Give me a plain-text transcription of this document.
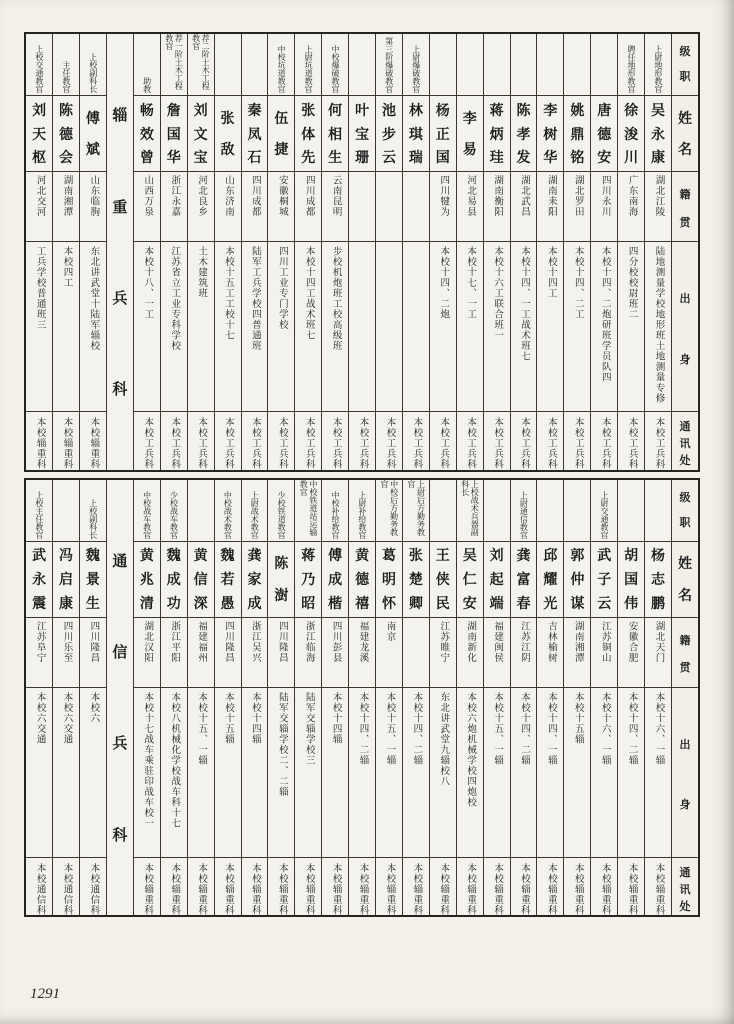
级
职
姓
名
籍
贯
出
身
通
讯
处
上尉地形教官
吴
永
康
湖北江陵
陆地测量学校地形班土地测量专修
本校工兵科
聘任地形教官
徐
浚
川
广东南海
四分校校尉班二
本校工兵科
唐
德
安
四川永川
本校十四、二炮研班学员队四
本校工兵科
姚
鼎
铭
湖北罗田
本校十四、二工
本校工兵科
李
树
华
湖南耒阳
本校十四工
本校工兵科
陈
孝
发
湖北武昌
本校十四、一工战术班七
本校工兵科
蒋
炳
珪
湖南衡阳
本校十六工联合班一
本校工兵科
李
易
河北易县
本校十七、一工
本校工兵科
杨
正
国
四川犍为
本校十四、二炮
本校工兵科
上尉爆破教官
林
琪
瑞
本校工兵科
第三阶爆破教官
池
步
云
本校工兵科
叶
宝
珊
本校工兵科
中校爆破教官
何
相
生
云南昆明
步校机炮班工校高级班
本校工兵科
上尉坑道教官
张
体
先
四川成都
本校十四工战术班七
本校工兵科
中校坑道教官
伍
捷
安徽桐城
四川工业专门学校
本校工兵科
秦
凤
石
四川成都
陆军工兵学校四普通班
本校工兵科
张
敌
山东济南
本校十五工工校十七
本校工兵科
荐二阶土木工程教官
刘
文
宝
河北良乡
土木建筑班
本校工兵科
荐一阶土木工程教官
詹
国
华
浙江永嘉
江苏省立工业专科学校
本校工兵科
助教
畅
效
曾
山西万泉
本校十八、一工
本校工兵科
辎
重
兵
科
上校副科长
傅
斌
山东临朐
东北讲武堂十陆军辎校
本校辎重科
主任教官
陈
德
会
湖南湘潭
本校四工
本校辎重科
上校交通教官
刘
天
枢
河北交河
工兵学校普通班三
本校辎重科
级
职
姓
名
籍
贯
出
身
通
讯
处
杨
志
鹏
湖北天门
本校十六、一辎
本校辎重科
胡
国
伟
安徽合肥
本校十四、二辎
本校辎重科
上尉交通教官
武
子
云
江苏铜山
本校十六、一辎
本校辎重科
郭
仲
谋
湖南湘潭
本校十五辎
本校辎重科
邱
耀
光
吉林榆树
本校十四、一辎
本校辎重科
上尉通信教官
龚
富
春
江苏江阴
本校十四、二辎
本校辎重科
刘
起
端
福建闽侯
本校十五、一辎
本校辎重科
上校战术兵器副科长
吴
仁
安
湖南新化
本校六炮机械学校四炮校
本校辎重科
王
侠
民
江苏睢宁
东北讲武堂九辎校八
本校辎重科
上尉后方勤务教官
张
楚
卿
本校十四、二辎
本校辎重科
中校后方勤务教官
葛
明
怀
南京
本校十五、一辎
本校辎重科
上尉补给教官
黄
德
禧
福建龙溪
本校十四、二辎
本校辎重科
中校补给教官
傅
成
楷
四川彭县
本校十四辎
本校辎重科
中校铁道站运输教官
蒋
乃
昭
浙江临海
陆军交辎学校三
本校辎重科
少校铁道教官
陈
澍
四川隆昌
陆军交辎学校二、二辎
本校辎重科
上尉战术教官
龚
家
成
浙江吴兴
本校十四辎
本校辎重科
中校战术教官
魏
若
愚
四川隆昌
本校十五辎
本校辎重科
黄
信
深
福建福州
本校十五、一辎
本校辎重科
少校战车教官
魏
成
功
浙江平阳
本校八机械化学校战车科十七
本校辎重科
中校战车教官
黄
兆
清
湖北汉阳
本校十七战车乘驻印战车校一
本校辎重科
通
信
兵
科
上校副科长
魏
景
生
四川隆昌
本校六
本校通信科
冯
启
康
四川乐至
本校六交通
本校通信科
上校主任教官
武
永
震
江苏阜宁
本校六交通
本校通信科
1291
